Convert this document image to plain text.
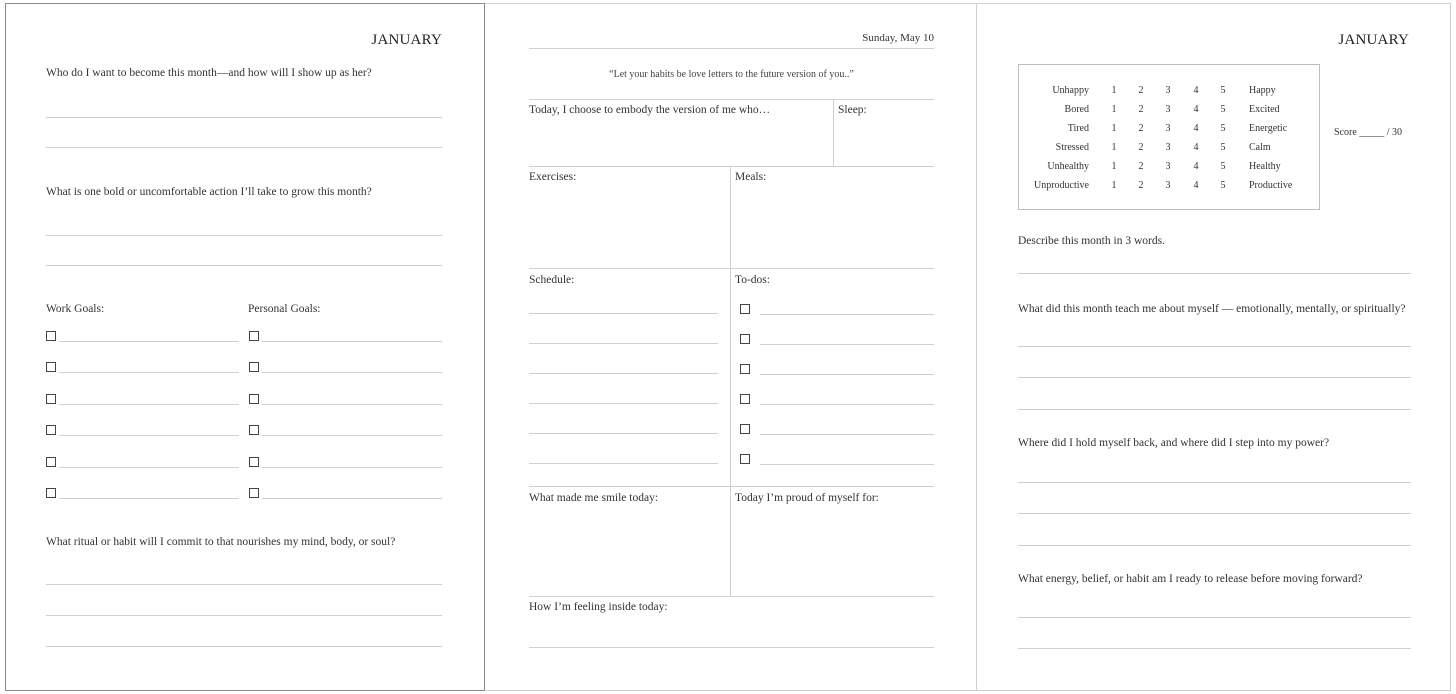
JANUARY
Who do I want to become this month—and how will I show up as her?
What is one bold or uncomfortable action I’ll take to grow this month?
Work Goals:	Personal Goals:
What ritual or habit will I commit to that nourishes my mind, body, or soul?
Sunday, May 10
“Let your habits be love letters to the future version of you..”
Today, I choose to embody the version of me who…	Sleep:
Exercises:	Meals:
Schedule:	To-dos:
What made me smile today:	Today I’m proud of myself for:
How I’m feeling inside today:
JANUARY
Unhappy 1 2 3 4 5 Happy
Bored 1 2 3 4 5 Excited
Tired 1 2 3 4 5 Energetic
Stressed 1 2 3 4 5 Calm
Unhealthy 1 2 3 4 5 Healthy
Unproductive 1 2 3 4 5 Productive
Score _____ / 30
Describe this month in 3 words.
What did this month teach me about myself — emotionally, mentally, or spiritually?
Where did I hold myself back, and where did I step into my power?
What energy, belief, or habit am I ready to release before moving forward?
